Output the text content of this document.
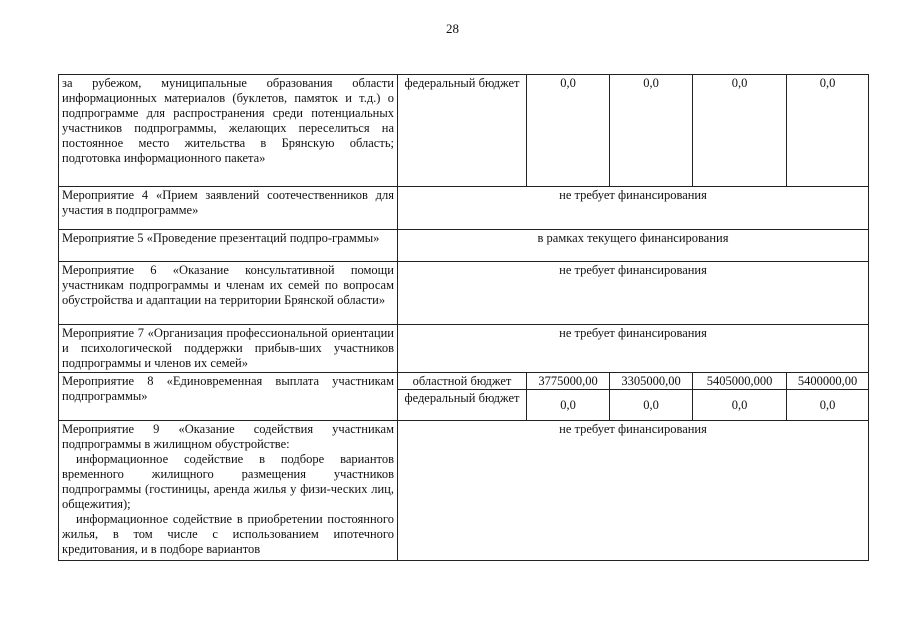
28
за рубежом, муниципальные образования области информационных материалов (буклетов, памяток и т.д.) о подпрограмме для распространения среди потенциальных участников подпрограммы, желающих переселиться на постоянное место жительства в Брянскую область; подготовка информационного пакета»	федеральный бюджет	0,0	0,0	0,0	0,0
Мероприятие 4 «Прием заявлений соотечественников для участия в подпрограмме»	не требует финансирования				
Мероприятие 5 «Проведение презентаций подпро-граммы»	в рамках текущего финансирования				
Мероприятие 6 «Оказание консультативной помощи участникам подпрограммы и членам их семей по вопросам обустройства и адаптации на территории Брянской области»	не требует финансирования				
Мероприятие 7 «Организация профессиональной ориентации и психологической поддержки прибыв-ших участников подпрограммы и членов их семей»	не требует финансирования				
Мероприятие 8 «Единовременная выплата участникам подпрограммы»	областной бюджет	3775000,00	3305000,00	5405000,000	5400000,00
	федеральный бюджет	0,0	0,0	0,0	0,0

Мероприятие 9 «Оказание содействия участникам подпрограммы в жилищном обустройстве:

информационное содействие в подборе вариантов временного жилищного размещения участников подпрограммы (гостиницы, аренда жилья у физи-ческих лиц, общежития);

информационное содействие в приобретении постоянного жилья, в том числе с использованием ипотечного кредитования, и в подборе вариантов	не требует финансирования				
